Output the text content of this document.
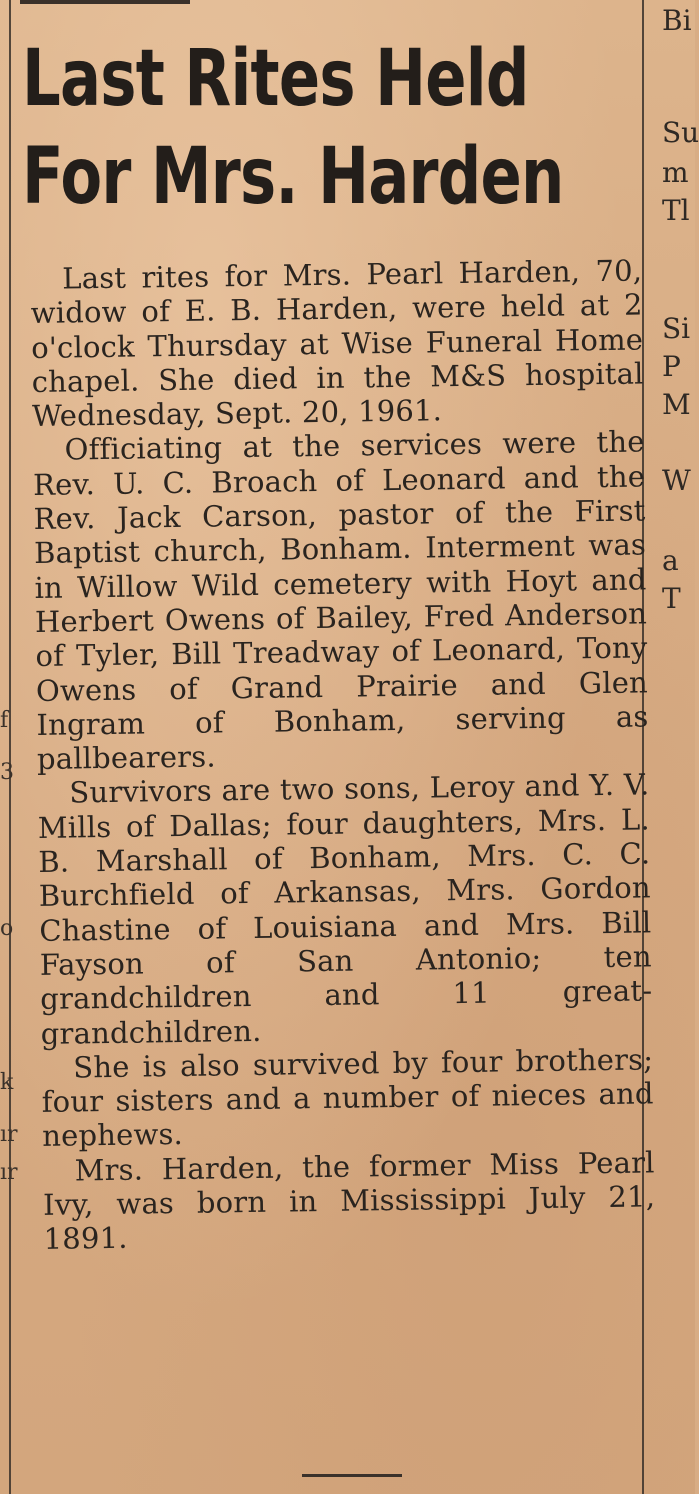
f
3
o
k
ır
ır
Bi
Su
m
Tl
Si
P
M
W
a
T
Last Rites Held
For Mrs. Harden

Last rites for Mrs. Pearl Harden, 70, widow of E. B. Harden, were held at 2 o'clock Thursday at Wise Funeral Home chapel. She died in the M&S hospital Wednesday, Sept. 20, 1961.

Officiating at the services were the Rev. U. C. Broach of Leonard and the Rev. Jack Carson, pastor of the First Baptist church, Bonham. Interment was in Willow Wild cemetery with Hoyt and Herbert Owens of Bailey, Fred Anderson of Tyler, Bill Treadway of Leonard, Tony Owens of Grand Prairie and Glen Ingram of Bonham, serving as pallbearers.

Survivors are two sons, Leroy and Y. V. Mills of Dallas; four daughters, Mrs. L. B. Marshall of Bonham, Mrs. C. C. Burchfield of Arkansas, Mrs. Gordon Chastine of Louisiana and Mrs. Bill Fayson of San Antonio; ten grandchildren and 11 great-grandchildren.

She is also survived by four brothers; four sisters and a number of nieces and nephews.

Mrs. Harden, the former Miss Pearl Ivy, was born in Mississippi July 21, 1891.
